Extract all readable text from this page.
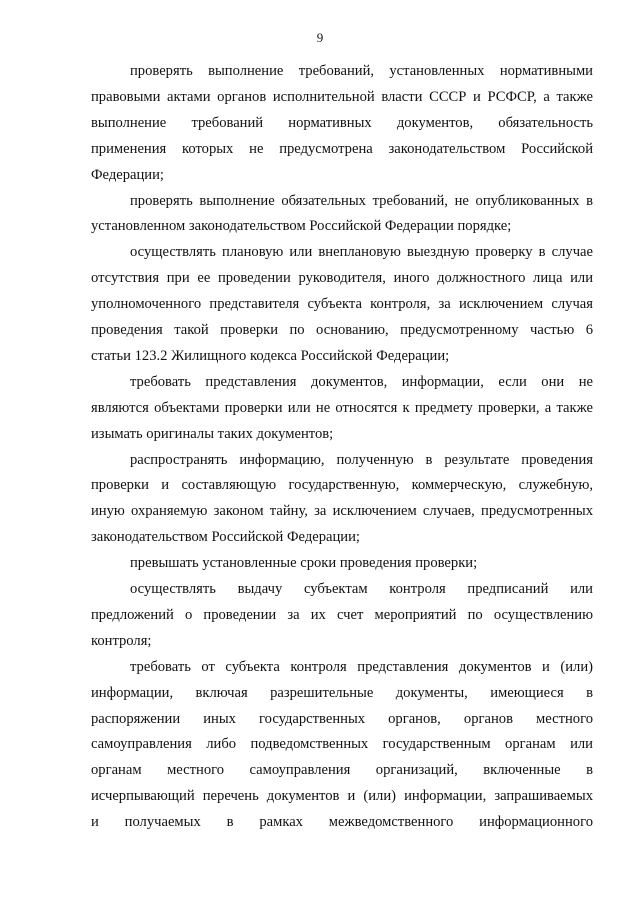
9
проверять выполнение требований, установленных нормативными
правовыми актами органов исполнительной власти СССР и РСФСР, а также
выполнение требований нормативных документов, обязательность
применения которых не предусмотрена законодательством Российской
Федерации;
проверять выполнение обязательных требований, не опубликованных в
установленном законодательством Российской Федерации порядке;
осуществлять плановую или внеплановую выездную проверку в случае
отсутствия при ее проведении руководителя, иного должностного лица или
уполномоченного представителя субъекта контроля, за исключением случая
проведения такой проверки по основанию, предусмотренному частью 6
статьи 123.2 Жилищного кодекса Российской Федерации;
требовать представления документов, информации, если они не
являются объектами проверки или не относятся к предмету проверки, а также
изымать оригиналы таких документов;
распространять информацию, полученную в результате проведения
проверки и составляющую государственную, коммерческую, служебную,
иную охраняемую законом тайну, за исключением случаев, предусмотренных
законодательством Российской Федерации;
превышать установленные сроки проведения проверки;
осуществлять выдачу субъектам контроля предписаний или
предложений о проведении за их счет мероприятий по осуществлению
контроля;
требовать от субъекта контроля представления документов и (или)
информации, включая разрешительные документы, имеющиеся в
распоряжении иных государственных органов, органов местного
самоуправления либо подведомственных государственным органам или
органам местного самоуправления организаций, включенные в
исчерпывающий перечень документов и (или) информации, запрашиваемых
и получаемых в рамках межведомственного информационного
